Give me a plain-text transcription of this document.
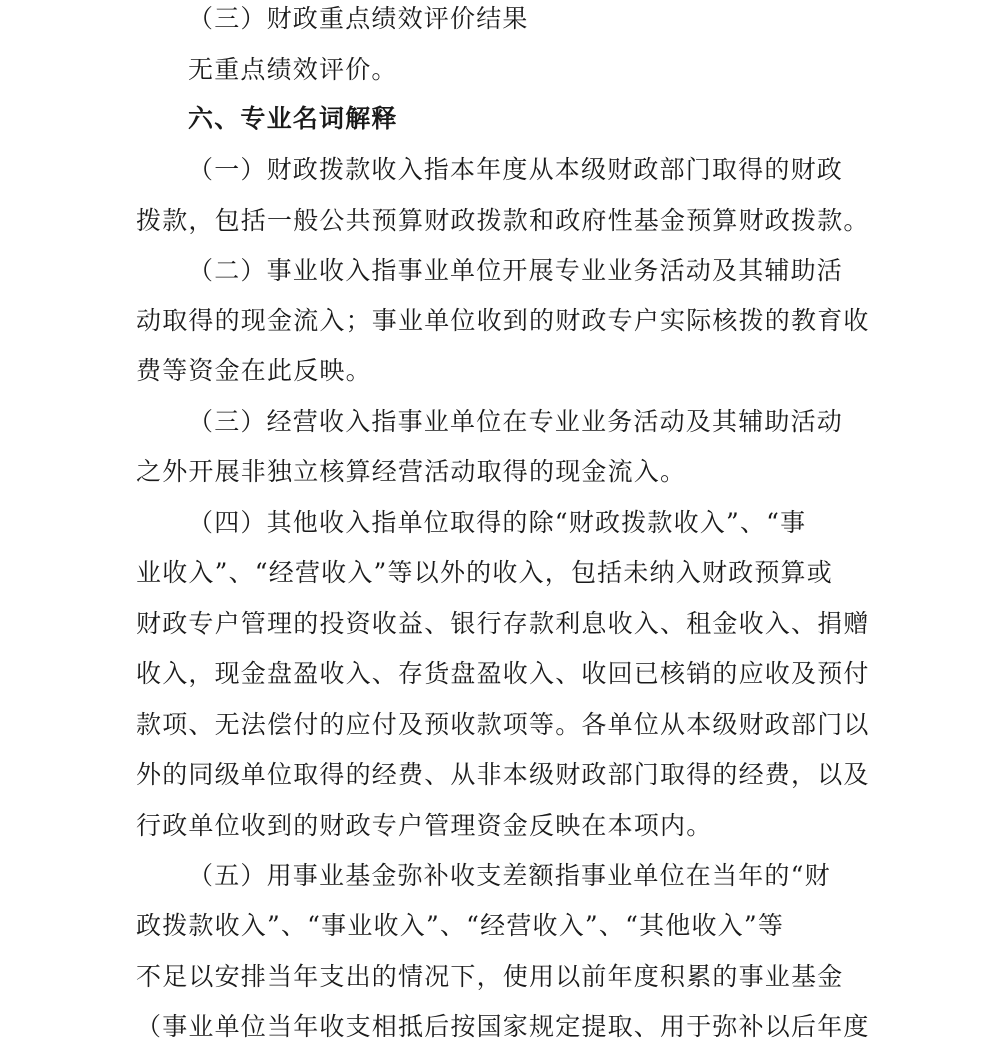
（三）财政重点绩效评价结果
无重点绩效评价。
六、专业名词解释
（一）财政拨款收入指本年度从本级财政部门取得的财政
拨款，包括一般公共预算财政拨款和政府性基金预算财政拨款。
（二）事业收入指事业单位开展专业业务活动及其辅助活
动取得的现金流入；事业单位收到的财政专户实际核拨的教育收
费等资金在此反映。
（三）经营收入指事业单位在专业业务活动及其辅助活动
之外开展非独立核算经营活动取得的现金流入。
（四）其他收入指单位取得的除“财政拨款收入”、“事
业收入”、“经营收入”等以外的收入，包括未纳入财政预算或
财政专户管理的投资收益、银行存款利息收入、租金收入、捐赠
收入，现金盘盈收入、存货盘盈收入、收回已核销的应收及预付
款项、无法偿付的应付及预收款项等。各单位从本级财政部门以
外的同级单位取得的经费、从非本级财政部门取得的经费，以及
行政单位收到的财政专户管理资金反映在本项内。
（五）用事业基金弥补收支差额指事业单位在当年的“财
政拨款收入”、“事业收入”、“经营收入”、“其他收入”等
不足以安排当年支出的情况下，使用以前年度积累的事业基金
（事业单位当年收支相抵后按国家规定提取、用于弥补以后年度
